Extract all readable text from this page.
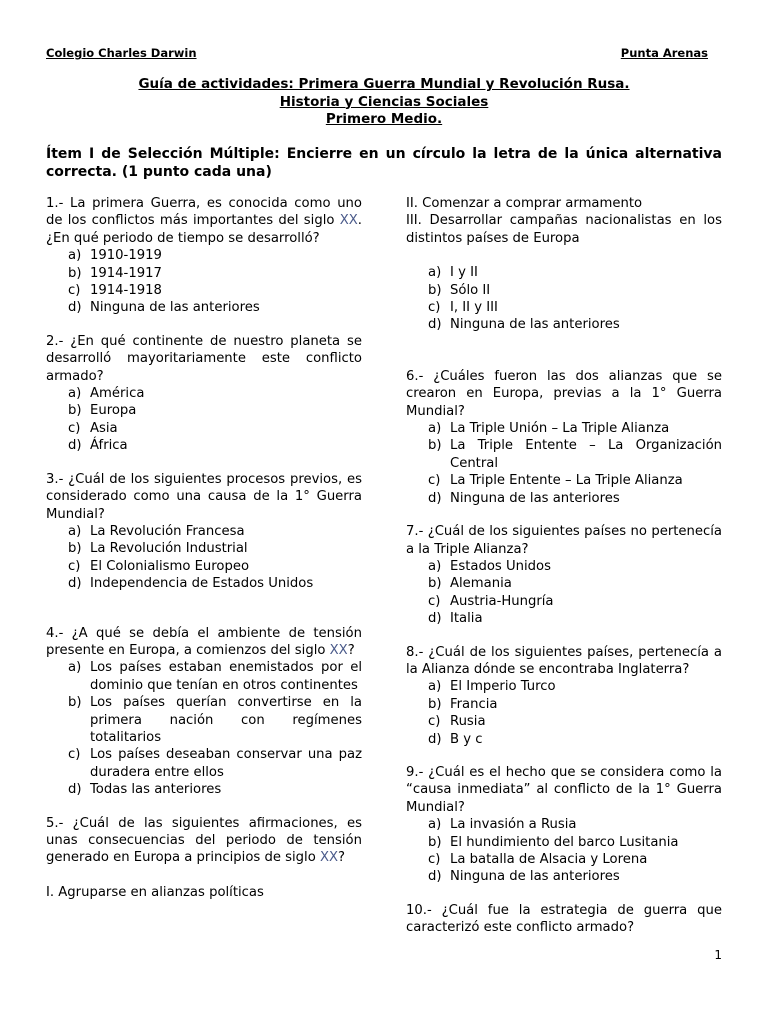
Colegio Charles Darwin	Punta Arenas
Guía de actividades: Primera Guerra Mundial y Revolución Rusa.
Historia y Ciencias Sociales
Primero Medio.
Ítem I de Selección Múltiple: Encierre en un círculo la letra de la única alternativa correcta. (1 punto cada una)
1.- La primera Guerra, es conocida como uno de los conflictos más importantes del siglo XX. ¿En qué periodo de tiempo se desarrolló?
a) 1910-1919
b) 1914-1917
c) 1914-1918
d) Ninguna de las anteriores
2.- ¿En qué continente de nuestro planeta se desarrolló mayoritariamente este conflicto armado?
a) América
b) Europa
c) Asia
d) África
3.- ¿Cuál de los siguientes procesos previos, es considerado como una causa de la 1° Guerra Mundial?
a) La Revolución Francesa
b) La Revolución Industrial
c) El Colonialismo Europeo
d) Independencia de Estados Unidos
4.- ¿A qué se debía el ambiente de tensión presente en Europa, a comienzos del siglo XX?
a) Los países estaban enemistados por el dominio que tenían en otros continentes
b) Los países querían convertirse en la primera nación con regímenes totalitarios
c) Los países deseaban conservar una paz duradera entre ellos
d) Todas las anteriores
5.- ¿Cuál de las siguientes afirmaciones, es unas consecuencias del periodo de tensión generado en Europa a principios de siglo XX?
I. Agruparse en alianzas políticas
II. Comenzar a comprar armamento
III. Desarrollar campañas nacionalistas en los distintos países de Europa
a) I y II
b) Sólo II
c) I, II y III
d) Ninguna de las anteriores
6.- ¿Cuáles fueron las dos alianzas que se crearon en Europa, previas a la 1° Guerra Mundial?
a) La Triple Unión – La Triple Alianza
b) La Triple Entente – La Organización Central
c) La Triple Entente – La Triple Alianza
d) Ninguna de las anteriores
7.- ¿Cuál de los siguientes países no pertenecía a la Triple Alianza?
a) Estados Unidos
b) Alemania
c) Austria-Hungría
d) Italia
8.- ¿Cuál de los siguientes países, pertenecía a la Alianza dónde se encontraba Inglaterra?
a) El Imperio Turco
b) Francia
c) Rusia
d) B y c
9.- ¿Cuál es el hecho que se considera como la “causa inmediata” al conflicto de la 1° Guerra Mundial?
a) La invasión a Rusia
b) El hundimiento del barco Lusitania
c) La batalla de Alsacia y Lorena
d) Ninguna de las anteriores
10.- ¿Cuál fue la estrategia de guerra que caracterizó este conflicto armado?
1
